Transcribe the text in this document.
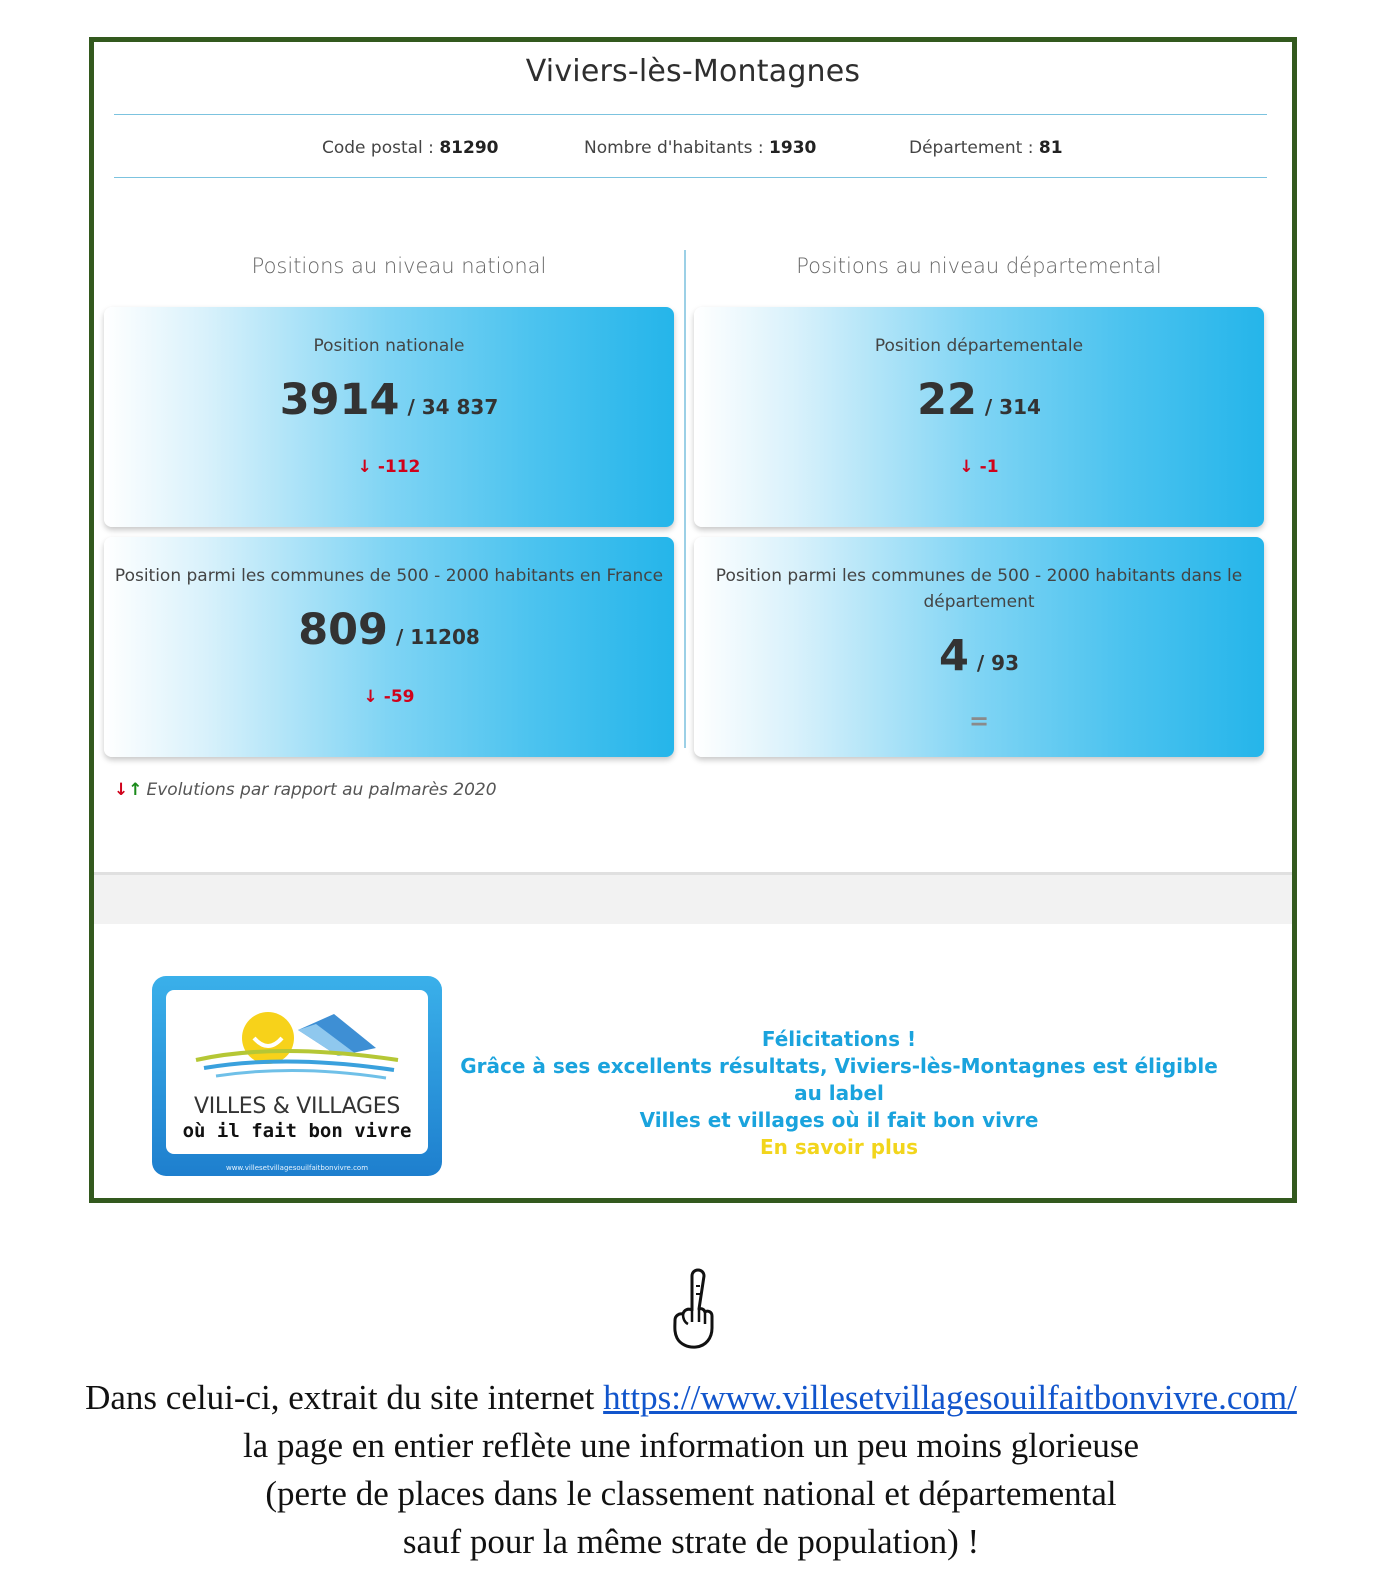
Viviers-lès-Montagnes
Code postal : 81290	Nombre d'habitants : 1930	Département : 81
Positions au niveau national	Positions au niveau départemental
Position nationale
3914 / 34 837
↓ -112
Position départementale
22 / 314
↓ -1
Position parmi les communes de 500 - 2000 habitants en France
809 / 11208
↓ -59
Position parmi les communes de 500 - 2000 habitants dans le
département
4 / 93
=
↓↑ Evolutions par rapport au palmarès 2020
VILLES & VILLAGES
où il fait bon vivre
www.villesetvillagesouilfaitbonvivre.com
Félicitations !
Grâce à ses excellents résultats, Viviers-lès-Montagnes est éligible au label
Villes et villages où il fait bon vivre
En savoir plus
Dans celui-ci, extrait du site internet https://www.villesetvillagesouilfaitbonvivre.com/
la page en entier reflète une information un peu moins glorieuse
(perte de places dans le classement national et départemental
sauf pour la même strate de population) !
